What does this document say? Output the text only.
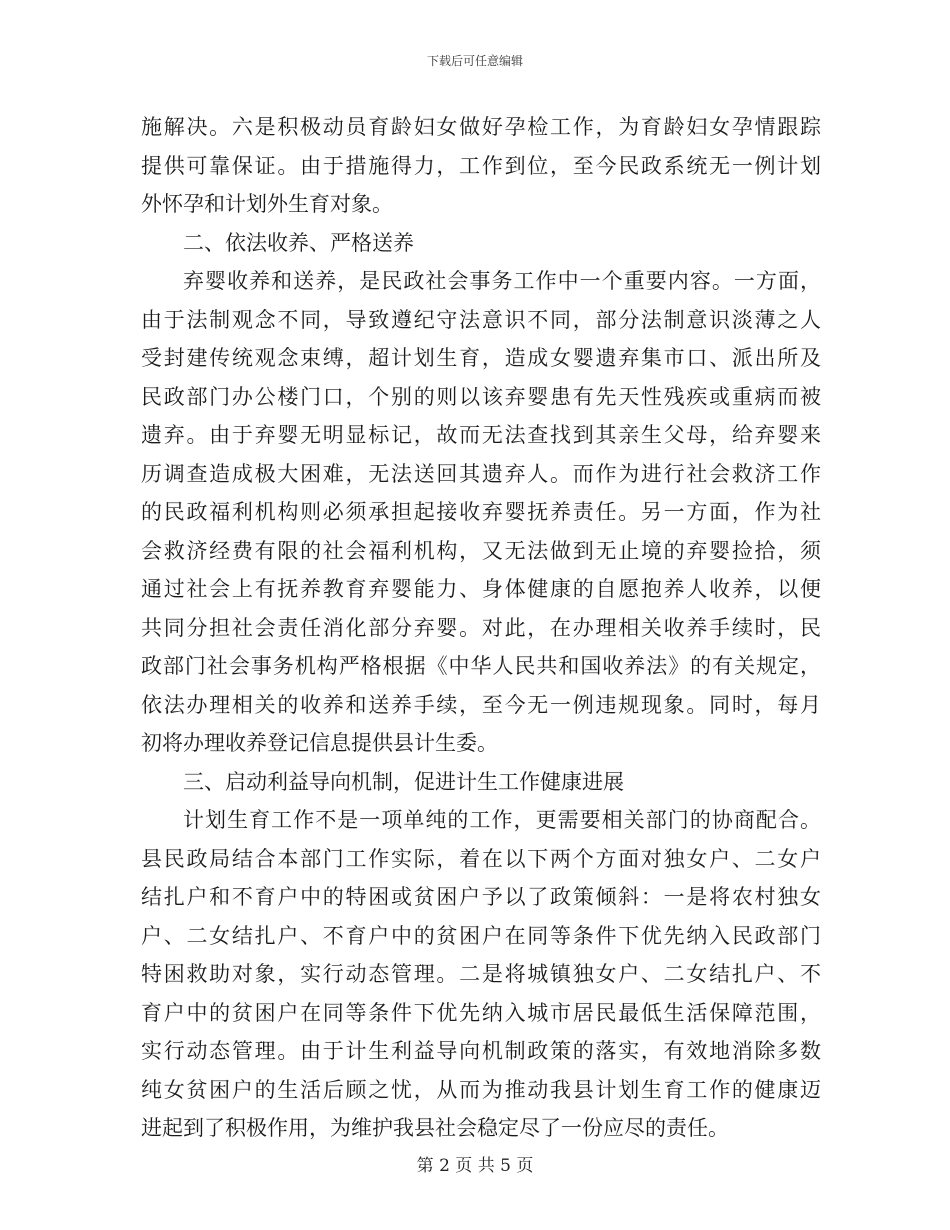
下载后可任意编辑
施解决。六是积极动员育龄妇女做好孕检工作，为育龄妇女孕情跟踪
提供可靠保证。由于措施得力，工作到位，至今民政系统无一例计划
外怀孕和计划外生育对象。
二、依法收养、严格送养
弃婴收养和送养，是民政社会事务工作中一个重要内容。一方面，
由于法制观念不同，导致遵纪守法意识不同，部分法制意识淡薄之人
受封建传统观念束缚，超计划生育，造成女婴遗弃集市口、派出所及
民政部门办公楼门口，个别的则以该弃婴患有先天性残疾或重病而被
遗弃。由于弃婴无明显标记，故而无法查找到其亲生父母，给弃婴来
历调查造成极大困难，无法送回其遗弃人。而作为进行社会救济工作
的民政福利机构则必须承担起接收弃婴抚养责任。另一方面，作为社
会救济经费有限的社会福利机构，又无法做到无止境的弃婴捡拾，须
通过社会上有抚养教育弃婴能力、身体健康的自愿抱养人收养，以便
共同分担社会责任消化部分弃婴。对此，在办理相关收养手续时，民
政部门社会事务机构严格根据《中华人民共和国收养法》的有关规定，
依法办理相关的收养和送养手续，至今无一例违规现象。同时，每月
初将办理收养登记信息提供县计生委。
三、启动利益导向机制，促进计生工作健康进展
计划生育工作不是一项单纯的工作，更需要相关部门的协商配合。
县民政局结合本部门工作实际，着在以下两个方面对独女户、二女户
结扎户和不育户中的特困或贫困户予以了政策倾斜：一是将农村独女
户、二女结扎户、不育户中的贫困户在同等条件下优先纳入民政部门
特困救助对象，实行动态管理。二是将城镇独女户、二女结扎户、不
育户中的贫困户在同等条件下优先纳入城市居民最低生活保障范围，
实行动态管理。由于计生利益导向机制政策的落实，有效地消除多数
纯女贫困户的生活后顾之忧，从而为推动我县计划生育工作的健康迈
进起到了积极作用，为维护我县社会稳定尽了一份应尽的责任。
第 2 页 共 5 页
